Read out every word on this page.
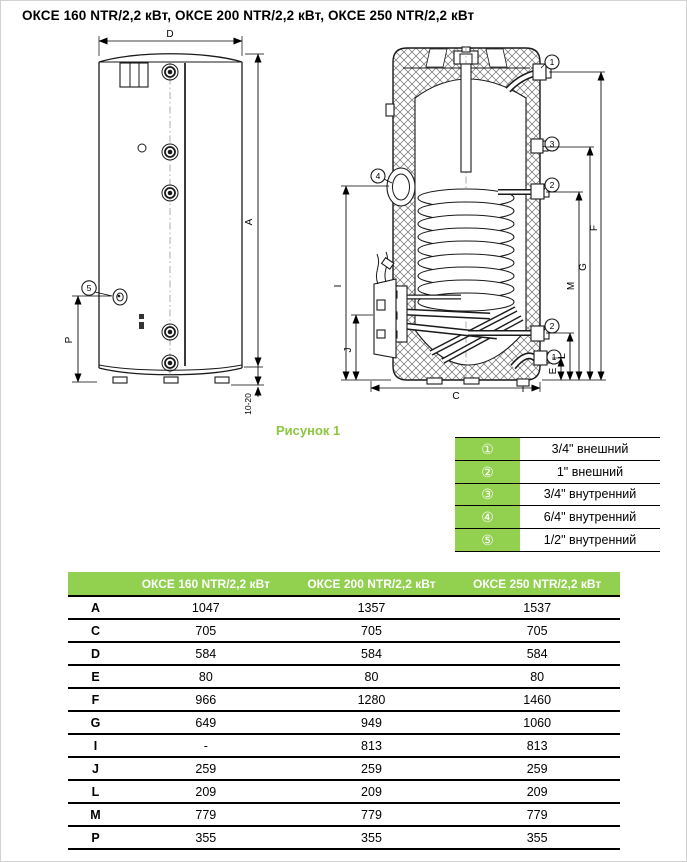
ОКСЕ 160 NTR/2,2 кВт, ОКСЕ 200 NTR/2,2 кВт, ОКСЕ 250 NTR/2,2 кВт
D
A
P
10-20
5
1
3
2
2
1
4
F
G
M
L
E
I
J
C
Рисунок 1
①	3/4" внешний
②	1" внешний
③	3/4" внутренний
④	6/4" внутренний
⑤	1/2" внутренний
	ОКСЕ 160 NTR/2,2 кВт	ОКСЕ 200 NTR/2,2 кВт	ОКСЕ 250 NTR/2,2 кВт
A	1047	1357	1537
C	705	705	705
D	584	584	584
E	80	80	80
F	966	1280	1460
G	649	949	1060
I	-	813	813
J	259	259	259
L	209	209	209
M	779	779	779
P	355	355	355
